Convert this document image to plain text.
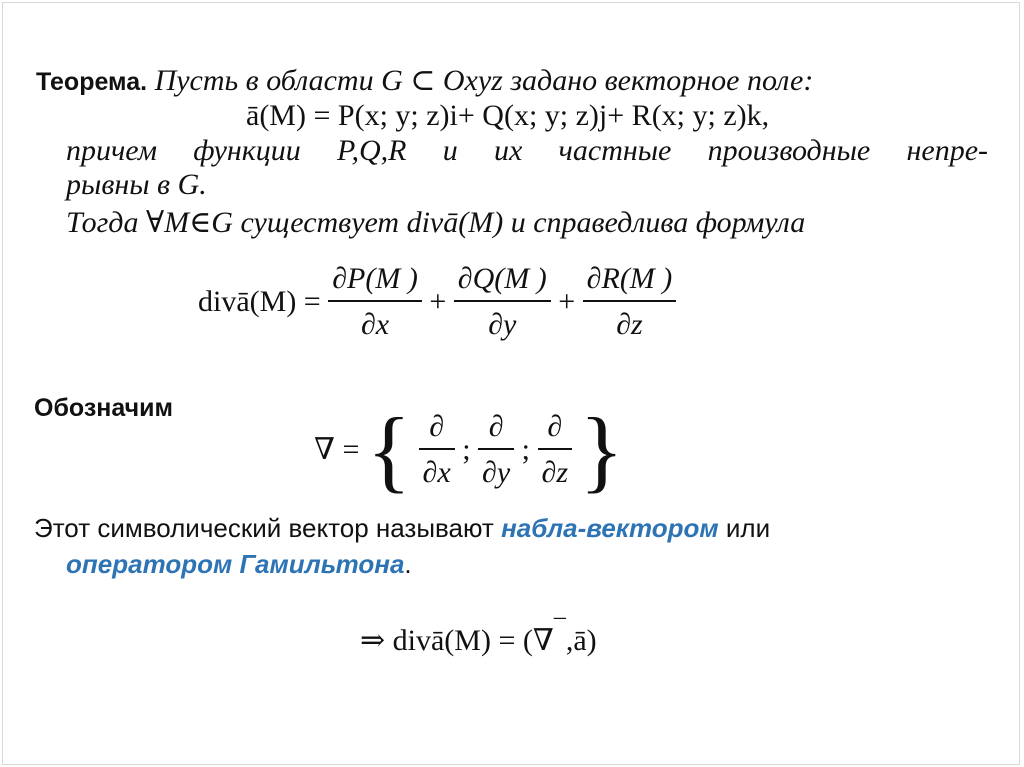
Теорема. Пусть в области G ⊂ Oxyz задано векторное поле:
ā(M) = P(x; y; z)i+ Q(x; y; z)j+ R(x; y; z)k,
причем функции P,Q,R и их частные производные непре-
рывны в G.
Тогда ∀M∈G существует divā(M) и справедлива формула
divā(M) = $\frac{\partial P(M )}{\partial x} + \frac{\partial Q(M )}{\partial y} + \frac{\partial R(M )}{\partial z}$
Обозначим
∇ = { $\frac{\partial}{\partial x}$ ; $\frac{\partial}{\partial y}$ ; $\frac{\partial}{\partial z}$ }
Этот символический вектор называют набла-вектором или
оператором Гамильтона.
⇒ divā(M) = (∇–,ā)
